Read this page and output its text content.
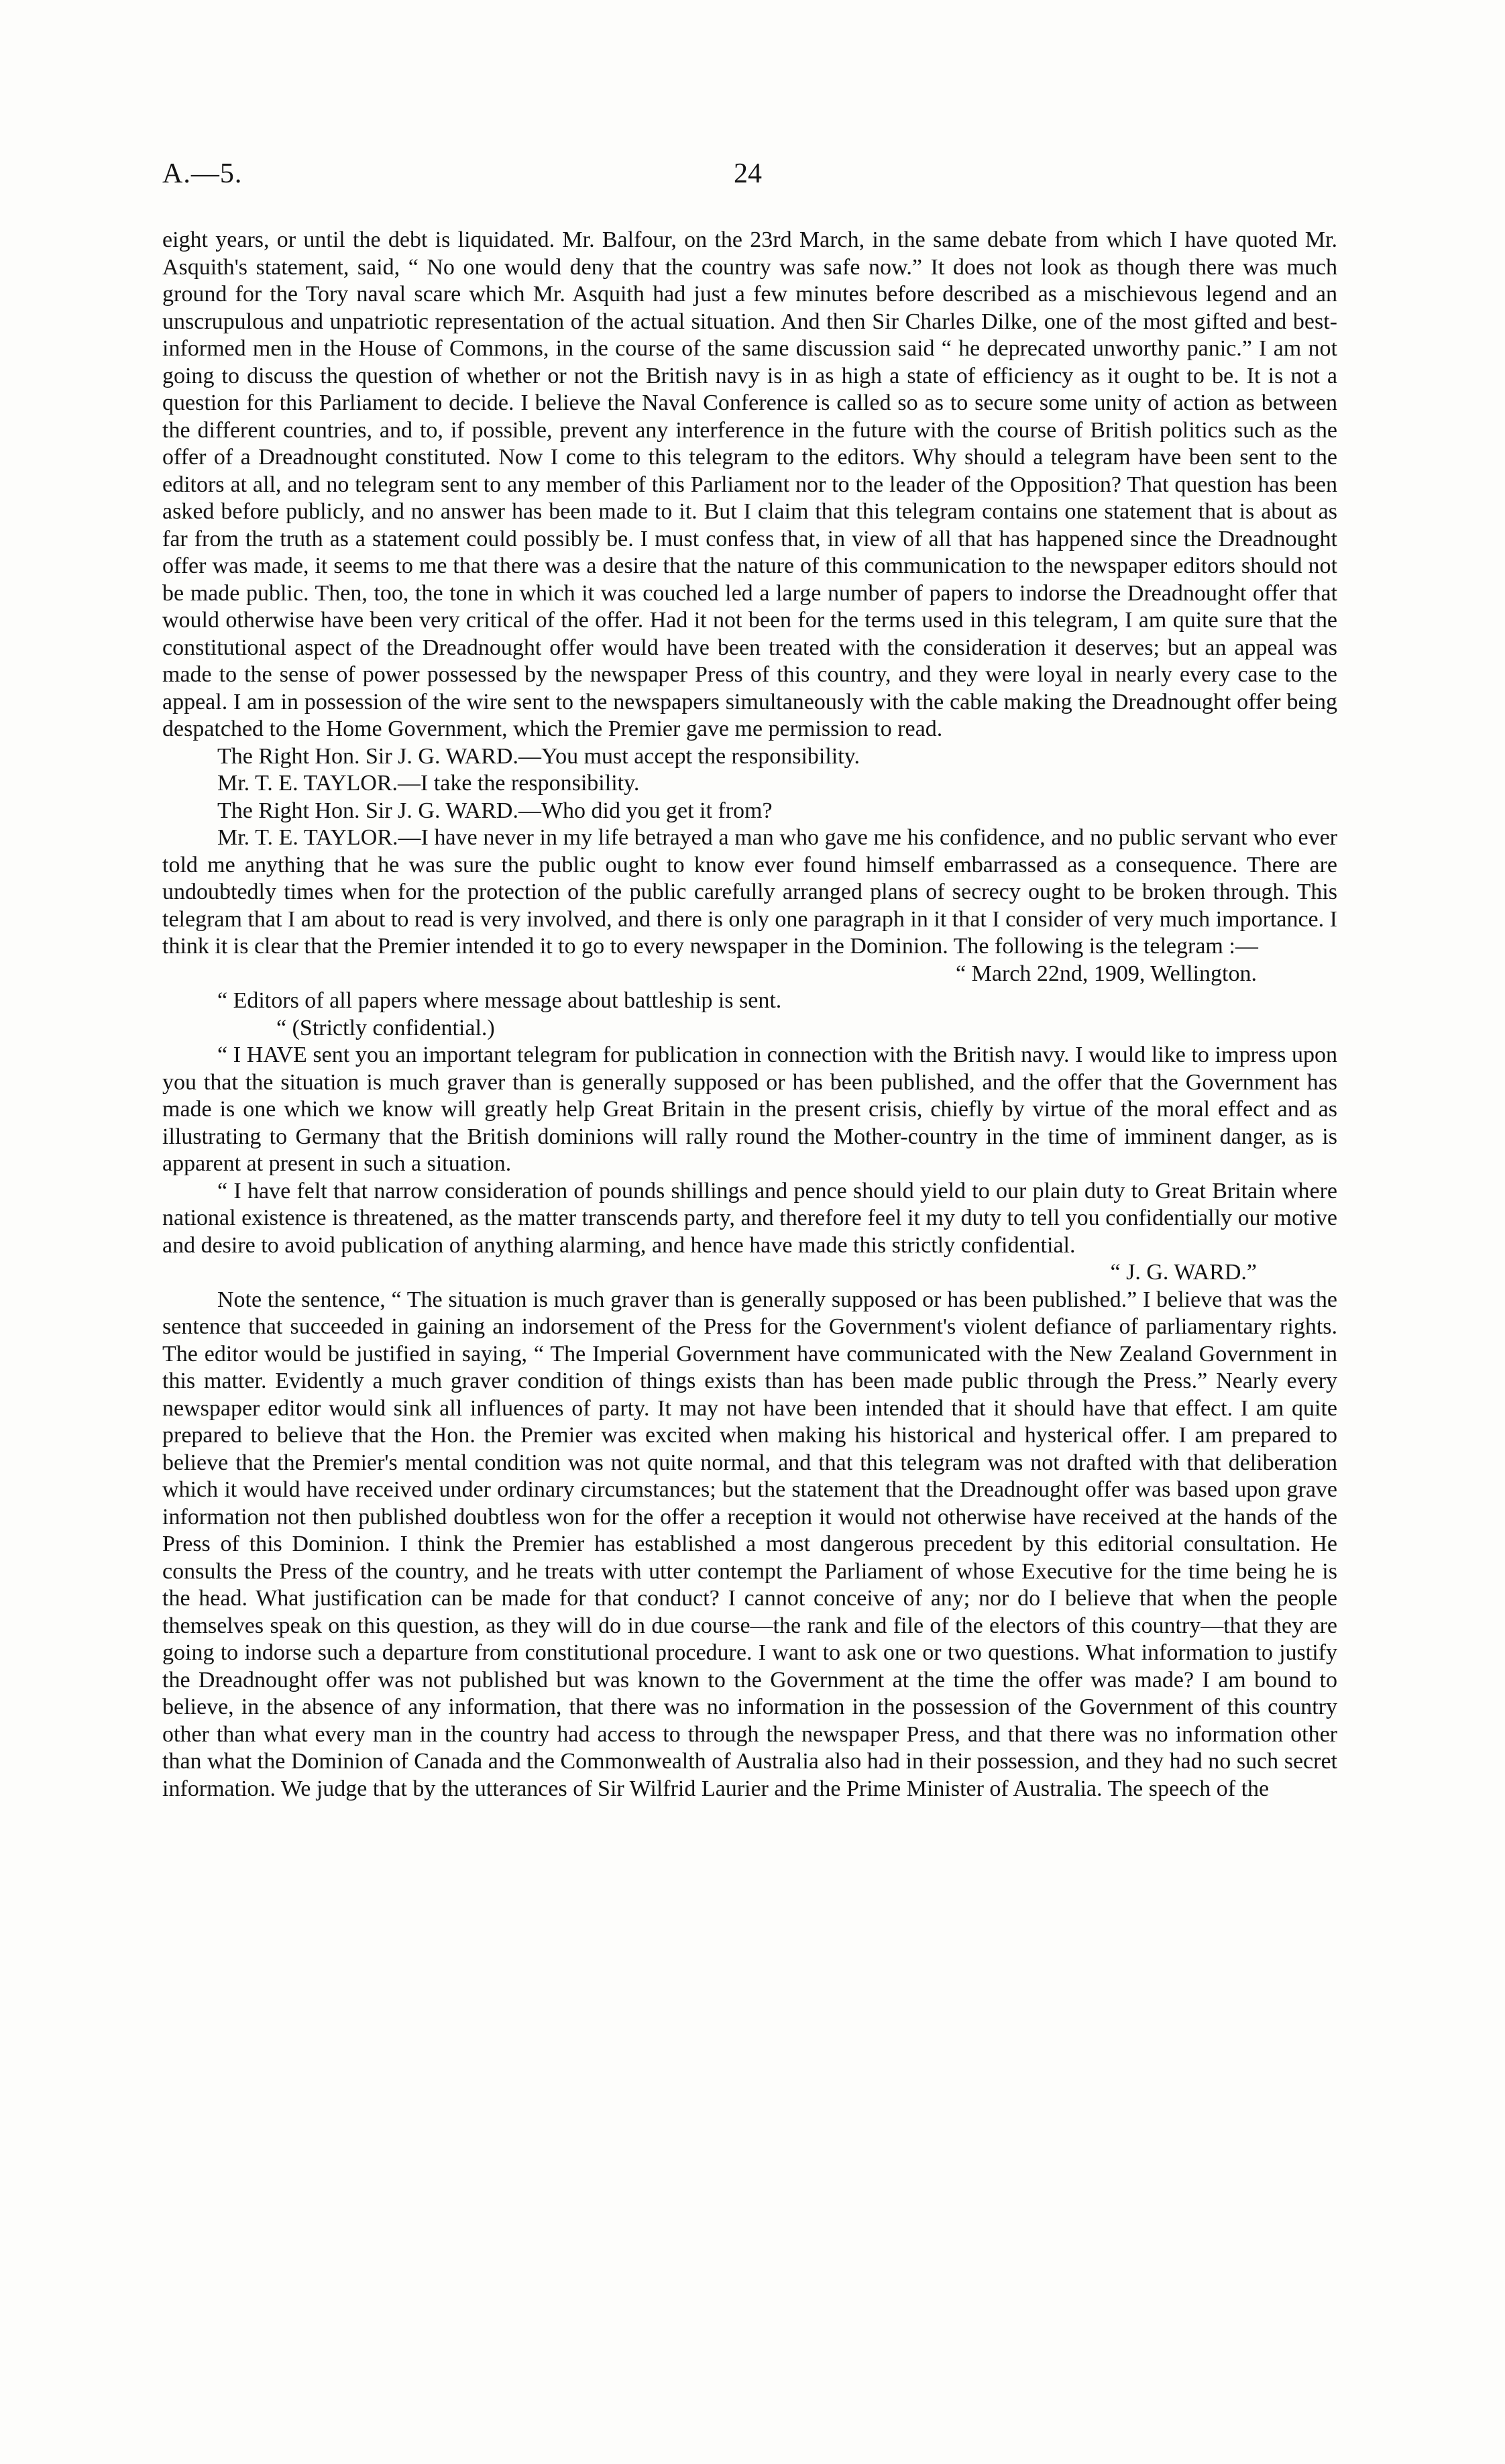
A.—5.	24

eight years, or until the debt is liquidated. Mr. Balfour, on the 23rd March, in the same debate from which I have quoted Mr. Asquith's statement, said, “ No one would deny that the country was safe now.” It does not look as though there was much ground for the Tory naval scare which Mr. Asquith had just a few minutes before described as a mischievous legend and an unscrupulous and unpatriotic representation of the actual situation. And then Sir Charles Dilke, one of the most gifted and best-informed men in the House of Commons, in the course of the same discussion said “ he deprecated unworthy panic.” I am not going to discuss the question of whether or not the British navy is in as high a state of efficiency as it ought to be. It is not a question for this Parliament to decide. I believe the Naval Conference is called so as to secure some unity of action as between the different countries, and to, if possible, prevent any interference in the future with the course of British politics such as the offer of a Dreadnought constituted. Now I come to this telegram to the editors. Why should a telegram have been sent to the editors at all, and no telegram sent to any member of this Parliament nor to the leader of the Opposition? That question has been asked before publicly, and no answer has been made to it. But I claim that this telegram contains one statement that is about as far from the truth as a statement could possibly be. I must confess that, in view of all that has happened since the Dreadnought offer was made, it seems to me that there was a desire that the nature of this communication to the newspaper editors should not be made public. Then, too, the tone in which it was couched led a large number of papers to indorse the Dreadnought offer that would otherwise have been very critical of the offer. Had it not been for the terms used in this telegram, I am quite sure that the constitutional aspect of the Dreadnought offer would have been treated with the consideration it deserves; but an appeal was made to the sense of power possessed by the newspaper Press of this country, and they were loyal in nearly every case to the appeal. I am in possession of the wire sent to the newspapers simultaneously with the cable making the Dreadnought offer being despatched to the Home Government, which the Premier gave me permission to read.

The Right Hon. Sir J. G. WARD.—You must accept the responsibility.

Mr. T. E. TAYLOR.—I take the responsibility.

The Right Hon. Sir J. G. WARD.—Who did you get it from?

Mr. T. E. TAYLOR.—I have never in my life betrayed a man who gave me his confidence, and no public servant who ever told me anything that he was sure the public ought to know ever found himself embarrassed as a consequence. There are undoubtedly times when for the protection of the public carefully arranged plans of secrecy ought to be broken through. This telegram that I am about to read is very involved, and there is only one paragraph in it that I consider of very much importance. I think it is clear that the Premier intended it to go to every newspaper in the Dominion. The following is the telegram :—

“ March 22nd, 1909, Wellington.

“ Editors of all papers where message about battleship is sent.

“ (Strictly confidential.)

“ I HAVE sent you an important telegram for publication in connection with the British navy. I would like to impress upon you that the situation is much graver than is generally supposed or has been published, and the offer that the Government has made is one which we know will greatly help Great Britain in the present crisis, chiefly by virtue of the moral effect and as illustrating to Germany that the British dominions will rally round the Mother-country in the time of imminent danger, as is apparent at present in such a situation.

“ I have felt that narrow consideration of pounds shillings and pence should yield to our plain duty to Great Britain where national existence is threatened, as the matter transcends party, and therefore feel it my duty to tell you confidentially our motive and desire to avoid publication of anything alarming, and hence have made this strictly confidential.

“ J. G. WARD.”

Note the sentence, “ The situation is much graver than is generally supposed or has been published.” I believe that was the sentence that succeeded in gaining an indorsement of the Press for the Government's violent defiance of parliamentary rights. The editor would be justified in saying, “ The Imperial Government have communicated with the New Zealand Government in this matter. Evidently a much graver condition of things exists than has been made public through the Press.” Nearly every newspaper editor would sink all influences of party. It may not have been intended that it should have that effect. I am quite prepared to believe that the Hon. the Premier was excited when making his historical and hysterical offer. I am prepared to believe that the Premier's mental condition was not quite normal, and that this telegram was not drafted with that deliberation which it would have received under ordinary circumstances; but the statement that the Dreadnought offer was based upon grave information not then published doubtless won for the offer a reception it would not otherwise have received at the hands of the Press of this Dominion. I think the Premier has established a most dangerous precedent by this editorial consultation. He consults the Press of the country, and he treats with utter contempt the Parliament of whose Executive for the time being he is the head. What justification can be made for that conduct? I cannot conceive of any; nor do I believe that when the people themselves speak on this question, as they will do in due course—the rank and file of the electors of this country—that they are going to indorse such a departure from constitutional procedure. I want to ask one or two questions. What information to justify the Dreadnought offer was not published but was known to the Government at the time the offer was made? I am bound to believe, in the absence of any information, that there was no information in the possession of the Government of this country other than what every man in the country had access to through the newspaper Press, and that there was no information other than what the Dominion of Canada and the Commonwealth of Australia also had in their possession, and they had no such secret information. We judge that by the utterances of Sir Wilfrid Laurier and the Prime Minister of Australia. The speech of the
